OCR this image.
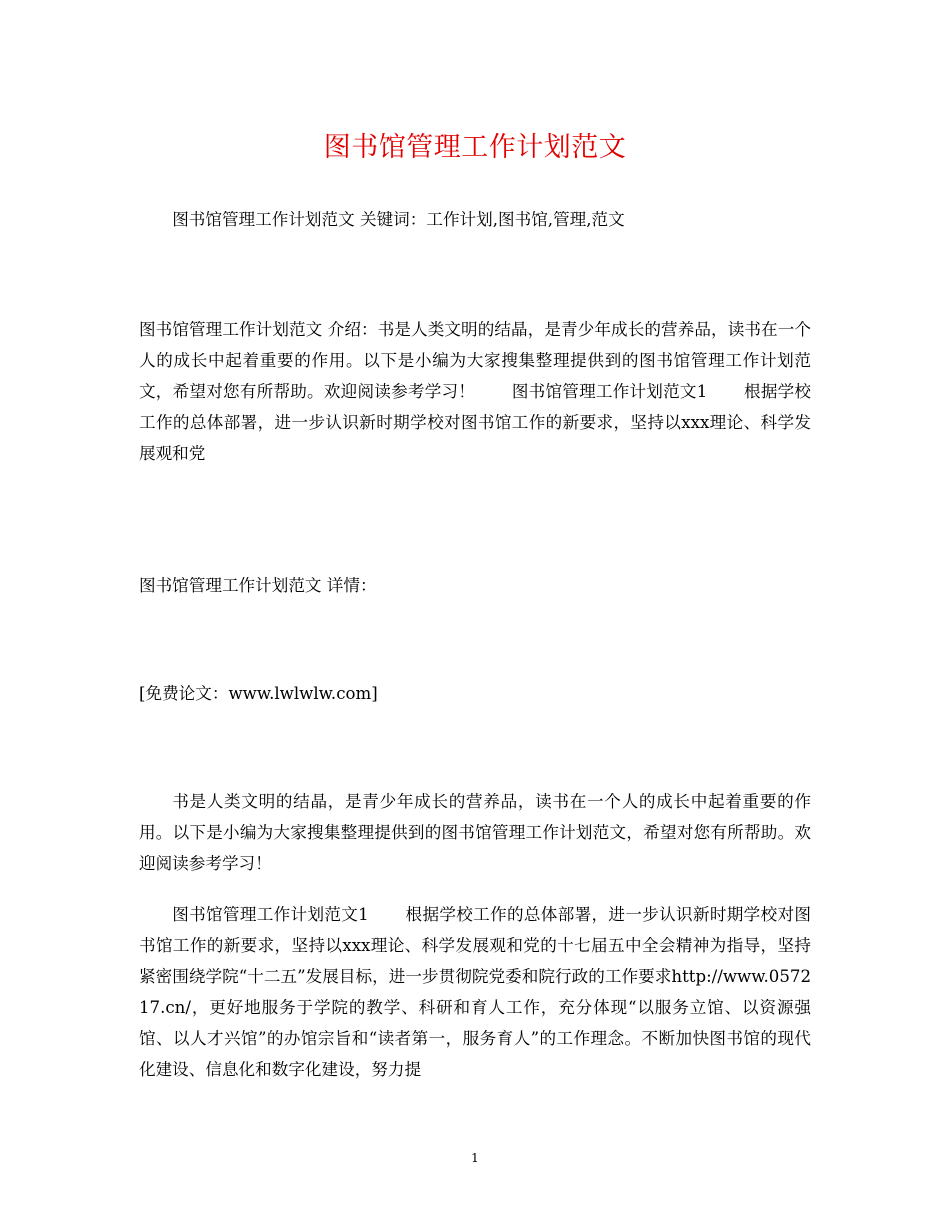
图书馆管理工作计划范文
图书馆管理工作计划范文 关键词：工作计划,图书馆,管理,范文
图书馆管理工作计划范文 介绍：书是人类文明的结晶，是青少年成长的营养品，读书在一个人的成长中起着重要的作用。以下是小编为大家搜集整理提供到的图书馆管理工作计划范文，希望对您有所帮助。欢迎阅读参考学习！ 图书馆管理工作计划范文1 根据学校工作的总体部署，进一步认识新时期学校对图书馆工作的新要求，坚持以xxx理论、科学发展观和党
图书馆管理工作计划范文 详情：
[免费论文：www.lwlwlw.com]
书是人类文明的结晶，是青少年成长的营养品，读书在一个人的成长中起着重要的作用。以下是小编为大家搜集整理提供到的图书馆管理工作计划范文，希望对您有所帮助。欢迎阅读参考学习！
图书馆管理工作计划范文1 根据学校工作的总体部署，进一步认识新时期学校对图书馆工作的新要求，坚持以xxx理论、科学发展观和党的十七届五中全会精神为指导，坚持紧密围绕学院“十二五”发展目标，进一步贯彻院党委和院行政的工作要求http://www.057217.cn/，更好地服务于学院的教学、科研和育人工作，充分体现“以服务立馆、以资源强馆、以人才兴馆”的办馆宗旨和“读者第一，服务育人”的工作理念。不断加快图书馆的现代化建设、信息化和数字化建设，努力提
1
